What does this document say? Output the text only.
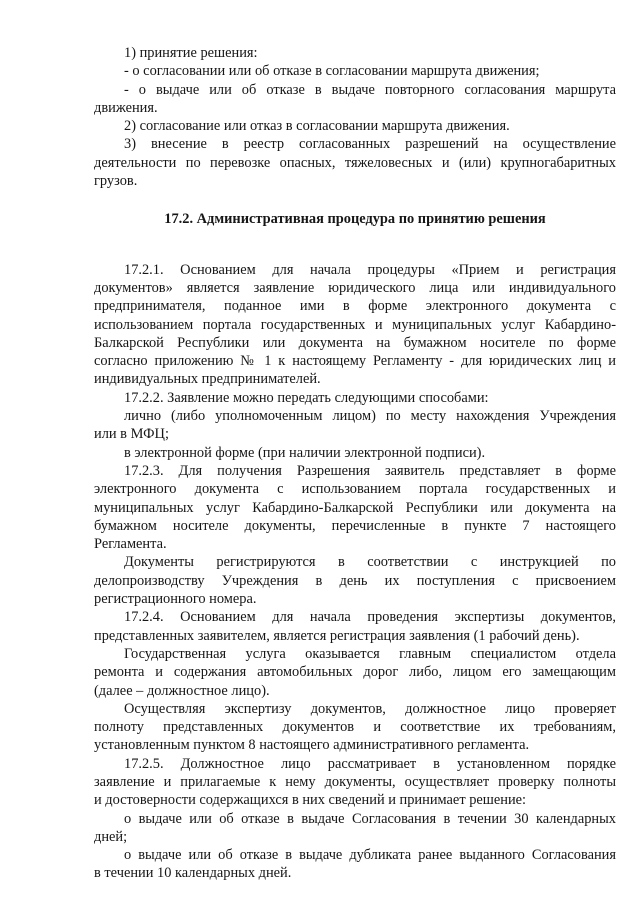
1) принятие решения:
- о согласовании или об отказе в согласовании маршрута движения;
- о выдаче или об отказе в выдаче повторного согласования маршрута
движения.
2) согласование или отказ в согласовании маршрута движения.
3) внесение в реестр согласованных разрешений на осуществление
деятельности по перевозке опасных, тяжеловесных и (или) крупногабаритных
грузов.
17.2. Административная процедура по принятию решения
17.2.1. Основанием для начала процедуры «Прием и регистрация
документов» является заявление юридического лица или индивидуального
предпринимателя, поданное ими в форме электронного документа с
использованием портала государственных и муниципальных услуг Кабардино-
Балкарской Республики или документа на бумажном носителе по форме
согласно приложению № 1 к настоящему Регламенту - для юридических лиц и
индивидуальных предпринимателей.
17.2.2. Заявление можно передать следующими способами:
лично (либо уполномоченным лицом) по месту нахождения Учреждения
или в МФЦ;
в электронной форме (при наличии электронной подписи).
17.2.3. Для получения Разрешения заявитель представляет в форме
электронного документа с использованием портала государственных и
муниципальных услуг Кабардино-Балкарской Республики или документа на
бумажном носителе документы, перечисленные в пункте 7 настоящего
Регламента.
Документы регистрируются в соответствии с инструкцией по
делопроизводству Учреждения в день их поступления с присвоением
регистрационного номера.
17.2.4. Основанием для начала проведения экспертизы документов,
представленных заявителем, является регистрация заявления (1 рабочий день).
Государственная услуга оказывается главным специалистом отдела
ремонта и содержания автомобильных дорог либо, лицом его замещающим
(далее – должностное лицо).
Осуществляя экспертизу документов, должностное лицо проверяет
полноту представленных документов и соответствие их требованиям,
установленным пунктом 8 настоящего административного регламента.
17.2.5. Должностное лицо рассматривает в установленном порядке
заявление и прилагаемые к нему документы, осуществляет проверку полноты
и достоверности содержащихся в них сведений и принимает решение:
о выдаче или об отказе в выдаче Согласования в течении 30 календарных
дней;
о выдаче или об отказе в выдаче дубликата ранее выданного Согласования
в течении 10 календарных дней.
